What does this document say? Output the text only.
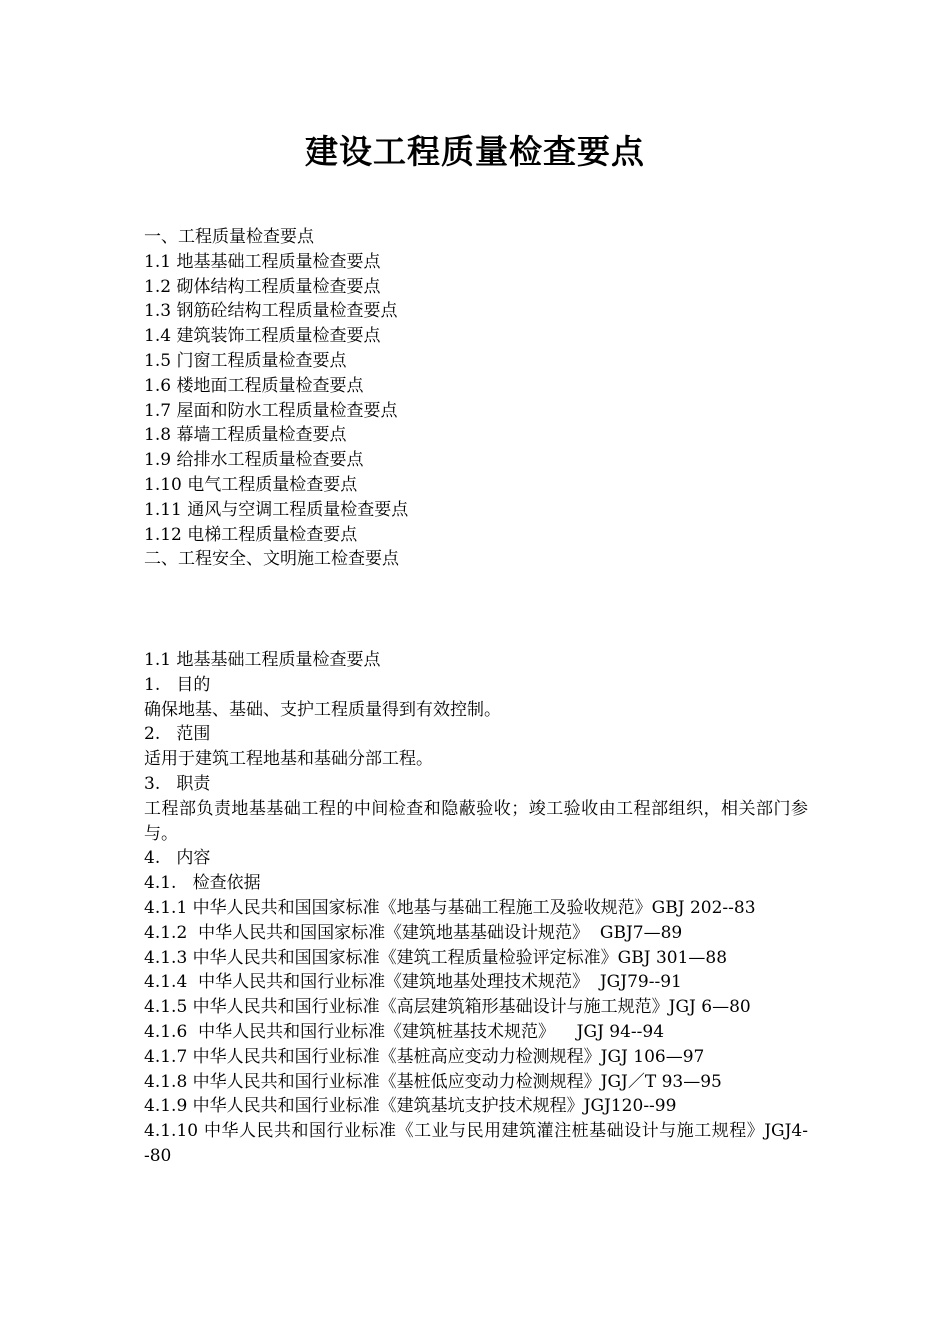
建设工程质量检查要点
一、工程质量检查要点
1.1 地基基础工程质量检查要点
1.2 砌体结构工程质量检查要点
1.3 钢筋砼结构工程质量检查要点
1.4 建筑装饰工程质量检查要点
1.5 门窗工程质量检查要点
1.6 楼地面工程质量检查要点
1.7 屋面和防水工程质量检查要点
1.8 幕墙工程质量检查要点
1.9 给排水工程质量检查要点
1.10 电气工程质量检查要点
1.11 通风与空调工程质量检查要点
1.12 电梯工程质量检查要点
二、工程安全、文明施工检查要点
1.1 地基基础工程质量检查要点
1.   目的
确保地基、基础、支护工程质量得到有效控制。
2.   范围
适用于建筑工程地基和基础分部工程。
3.   职责
工程部负责地基基础工程的中间检查和隐蔽验收；竣工验收由工程部组织，相关部门参与。
4.   内容
4.1.   检查依据
4.1.1 中华人民共和国国家标准《地基与基础工程施工及验收规范》GBJ 202--83
4.1.2  中华人民共和国国家标准《建筑地基基础设计规范》  GBJ7—89
4.1.3 中华人民共和国国家标准《建筑工程质量检验评定标准》GBJ 301—88
4.1.4  中华人民共和国行业标准《建筑地基处理技术规范》  JGJ79--91
4.1.5 中华人民共和国行业标准《高层建筑箱形基础设计与施工规范》JGJ 6—80
4.1.6  中华人民共和国行业标准《建筑桩基技术规范》    JGJ 94--94
4.1.7 中华人民共和国行业标准《基桩高应变动力检测规程》JGJ 106—97
4.1.8 中华人民共和国行业标准《基桩低应变动力检测规程》JGJ／T 93—95
4.1.9 中华人民共和国行业标准《建筑基坑支护技术规程》JGJ120--99
4.1.10 中华人民共和国行业标准《工业与民用建筑灌注桩基础设计与施工规程》JGJ4--80
